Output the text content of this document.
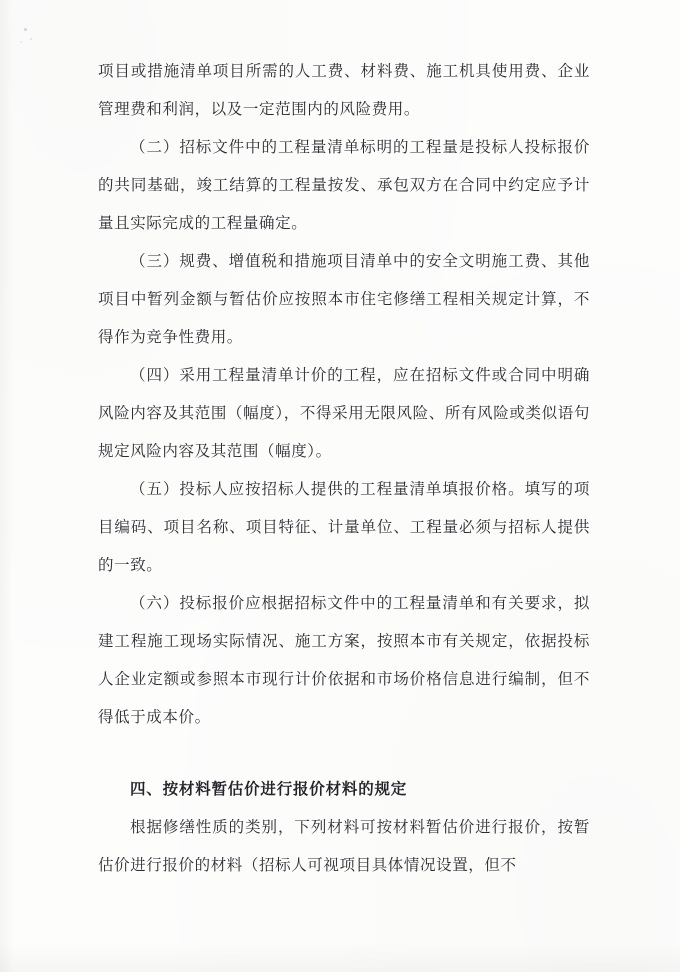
项目或措施清单项目所需的人工费、材料费、施工机具使用费、企业管理费和利润，以及一定范围内的风险费用。

（二）招标文件中的工程量清单标明的工程量是投标人投标报价的共同基础，竣工结算的工程量按发、承包双方在合同中约定应予计量且实际完成的工程量确定。

（三）规费、增值税和措施项目清单中的安全文明施工费、其他项目中暂列金额与暂估价应按照本市住宅修缮工程相关规定计算，不得作为竞争性费用。

（四）采用工程量清单计价的工程，应在招标文件或合同中明确风险内容及其范围（幅度），不得采用无限风险、所有风险或类似语句规定风险内容及其范围（幅度）。

（五）投标人应按招标人提供的工程量清单填报价格。填写的项目编码、项目名称、项目特征、计量单位、工程量必须与招标人提供的一致。

（六）投标报价应根据招标文件中的工程量清单和有关要求，拟建工程施工现场实际情况、施工方案，按照本市有关规定，依据投标人企业定额或参照本市现行计价依据和市场价格信息进行编制，但不得低于成本价。

四、按材料暂估价进行报价材料的规定

根据修缮性质的类别，下列材料可按材料暂估价进行报价，按暂估价进行报价的材料（招标人可视项目具体情况设置，但不
